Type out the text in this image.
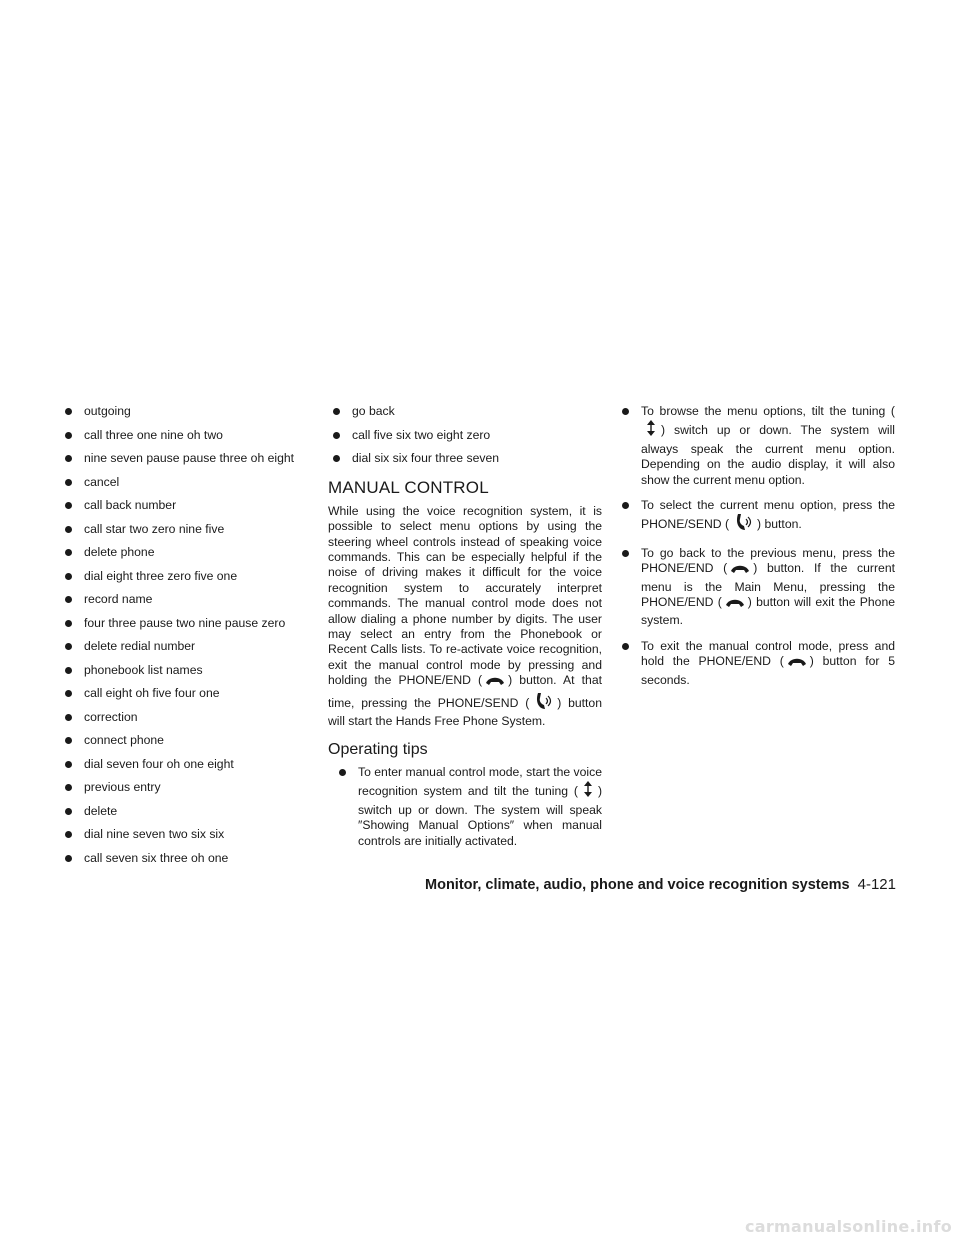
outgoing
call three one nine oh two
nine seven pause pause three oh eight
cancel
call back number
call star two zero nine five
delete phone
dial eight three zero five one
record name
four three pause two nine pause zero
delete redial number
phonebook list names
call eight oh five four one
correction
connect phone
dial seven four oh one eight
previous entry
delete
dial nine seven two six six
call seven six three oh one
go back
call five six two eight zero
dial six six four three seven
MANUAL CONTROL

While using the voice recognition system, it is possible to select menu options by using the steering wheel controls instead of speaking voice commands. This can be especially helpful if the noise of driving makes it difficult for the voice recognition system to accurately interpret commands. The manual control mode does not allow dialing a phone number by digits. The user may select an entry from the Phonebook or Recent Calls lists. To re-activate voice recognition, exit the manual control mode by pressing and holding the PHONE/END ( ) button. At that time, pressing the PHONE/SEND ( ) button will start the Hands Free Phone System.

Operating tips
To enter manual control mode, start the voice recognition system and tilt the tuning ( ) switch up or down. The system will speak ″Showing Manual Options″ when manual controls are initially activated.
To browse the menu options, tilt the tuning () switch up or down. The system will always speak the current menu option. Depending on the audio display, it will also show the current menu option.
To select the current menu option, press the PHONE/SEND ( ) button.
To go back to the previous menu, press the PHONE/END ( ) button. If the current menu is the Main Menu, pressing the PHONE/END ( ) button will exit the Phone system.
To exit the manual control mode, press and hold the PHONE/END ( ) button for 5 seconds.
Monitor, climate, audio, phone and voice recognition systems 4-121
carmanualsonline.info
